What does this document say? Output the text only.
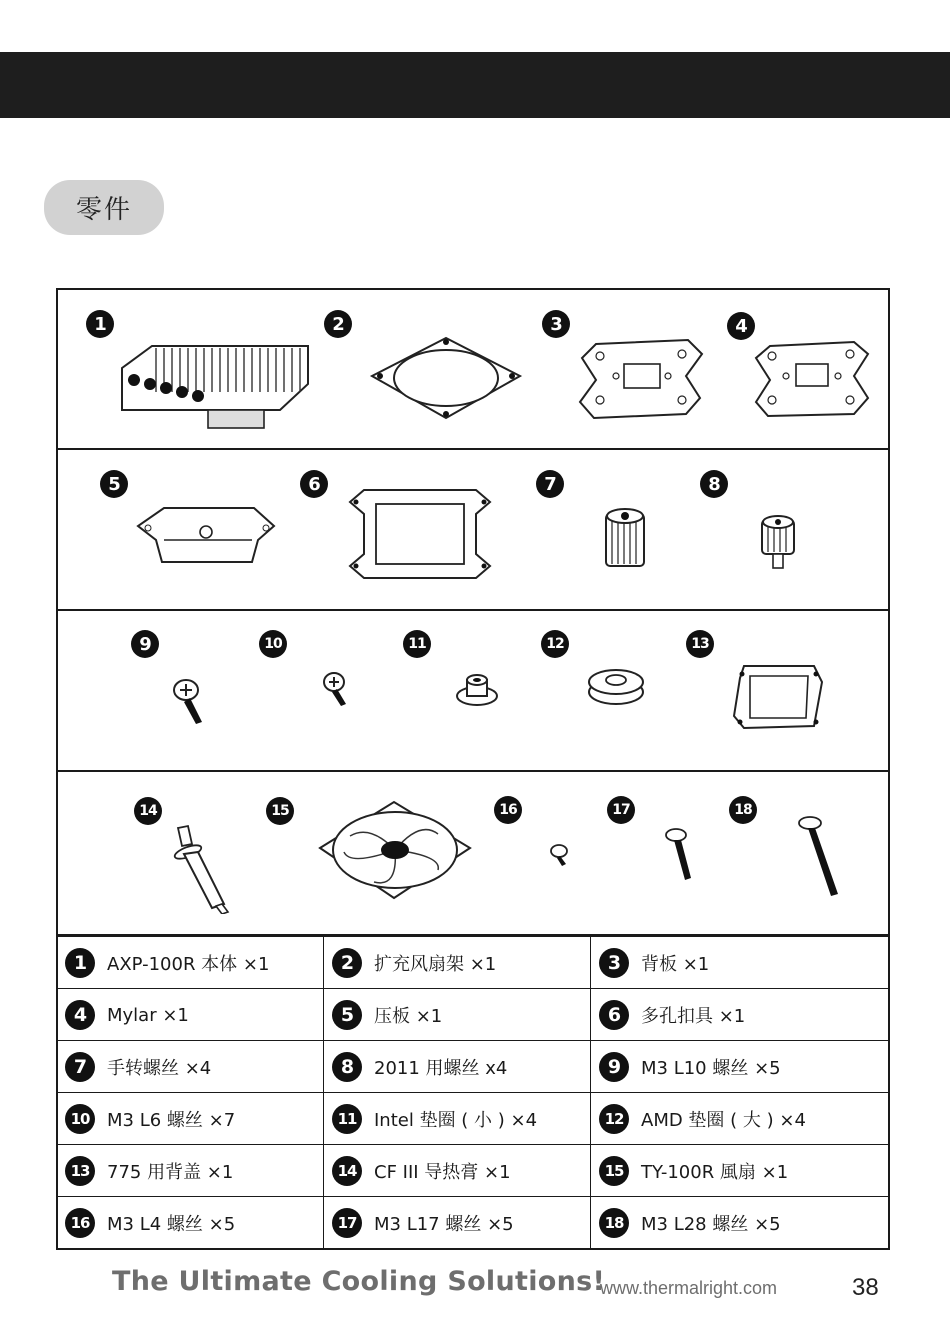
零件
1	2	3	4
5	6	7	8
9	10	11	12	13
14	15	16	17	18
1	AXP-100R 本体 ×1	2	扩充风扇架 ×1	3	背板 ×1
4	Mylar ×1	5	压板 ×1	6	多孔扣具 ×1
7	手转螺丝 ×4	8	2011 用螺丝 x4	9	M3 L10 螺丝 ×5
10 M3 L6 螺丝 ×7	11 Intel 垫圈 ( 小 ) ×4	12 AMD 垫圈 ( 大 ) ×4
13 775 用背盖 ×1	14 CF III 导热膏 ×1	15 TY-100R 風扇 ×1
16 M3 L4 螺丝 ×5	17 M3 L17 螺丝 ×5	18 M3 L28 螺丝 ×5
The Ultimate Cooling Solutions!
www.thermalright.com	38
